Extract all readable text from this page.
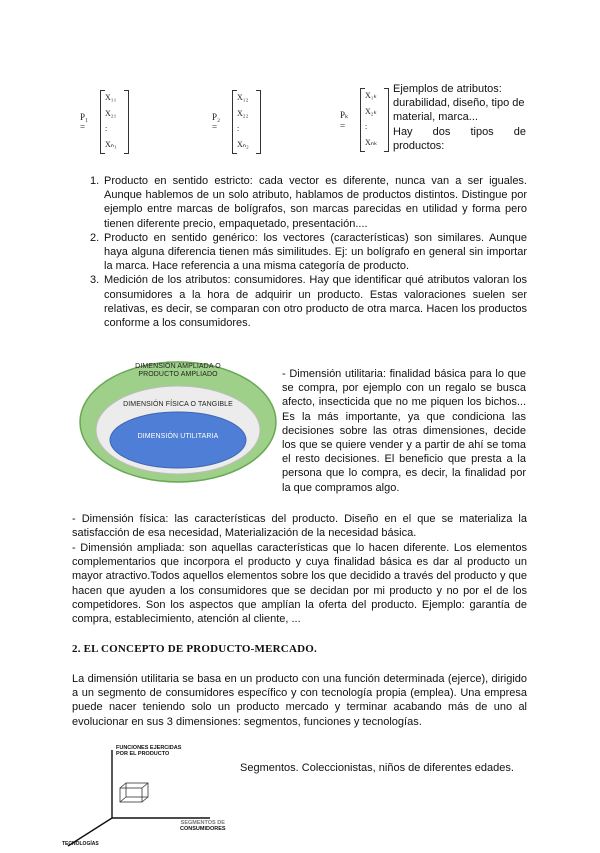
P₁ =
X₁₁
X₂₁
:
Xₙ₁
P₂ =
X₁₂
X₂₂
:
Xₙ₂
Pₖ =
X₁ₖ
X₂ₖ
:
Xₙₖ
Ejemplos de atributos:
durabilidad, diseño, tipo de
material, marca...
Hay dos tipos de
productos:
1. Producto en sentido estricto: cada vector es diferente, nunca van a ser iguales. Aunque hablemos de un solo atributo, hablamos de productos distintos. Distingue por ejemplo entre marcas de bolígrafos, son marcas parecidas en utilidad y forma pero tienen diferente precio, empaquetado, presentación....
2. Producto en sentido genérico: los vectores (características) son similares. Aunque haya alguna diferencia tienen más similitudes. Ej: un bolígrafo en general sin importar la marca. Hace referencia a una misma categoría de producto.
3. Medición de los atributos: consumidores. Hay que identificar qué atributos valoran los consumidores a la hora de adquirir un producto. Estas valoraciones suelen ser relativas, es decir, se comparan con otro producto de otra marca. Hacen los productos conforme a los consumidores.
DIMENSIÓN AMPLIADA O
PRODUCTO AMPLIADO
DIMENSIÓN FÍSICA O TANGIBLE
DIMENSIÓN UTILITARIA
- Dimensión utilitaria: finalidad básica para lo que se compra, por ejemplo con un regalo se busca afecto, insecticida que no me piquen los bichos... Es la más importante, ya que condiciona las decisiones sobre las otras dimensiones, decide los que se quiere vender y a partir de ahí se toma el resto decisiones. El beneficio que presta a la persona que lo compra, es decir, la finalidad por la que compramos algo.
- Dimensión física: las características del producto. Diseño en el que se materializa la satisfacción de esa necesidad, Materialización de la necesidad básica.
- Dimensión ampliada: son aquellas características que lo hacen diferente. Los elementos complementarios que incorpora el producto y cuya finalidad básica es dar al producto un mayor atractivo.Todos aquellos elementos sobre los que decidido a través del producto y que hacen que ayuden a los consumidores que se decidan por mi producto y no por el de los competidores. Son los aspectos que amplían la oferta del producto. Ejemplo: garantía de compra, establecimiento, atención al cliente, ...
2. EL CONCEPTO DE PRODUCTO-MERCADO.
La dimensión utilitaria se basa en un producto con una función determinada (ejerce), dirigido a un segmento de consumidores específico y con tecnología propia (emplea). Una empresa puede nacer teniendo solo un producto mercado y terminar acabando más de uno al evolucionar en sus 3 dimensiones: segmentos, funciones y tecnologías.
FUNCIONES EJERCIDAS
POR EL PRODUCTO
SEGMENTOS DE
CONSUMIDORES
TECNOLOGÍAS
Segmentos. Coleccionistas, niños de diferentes edades.
